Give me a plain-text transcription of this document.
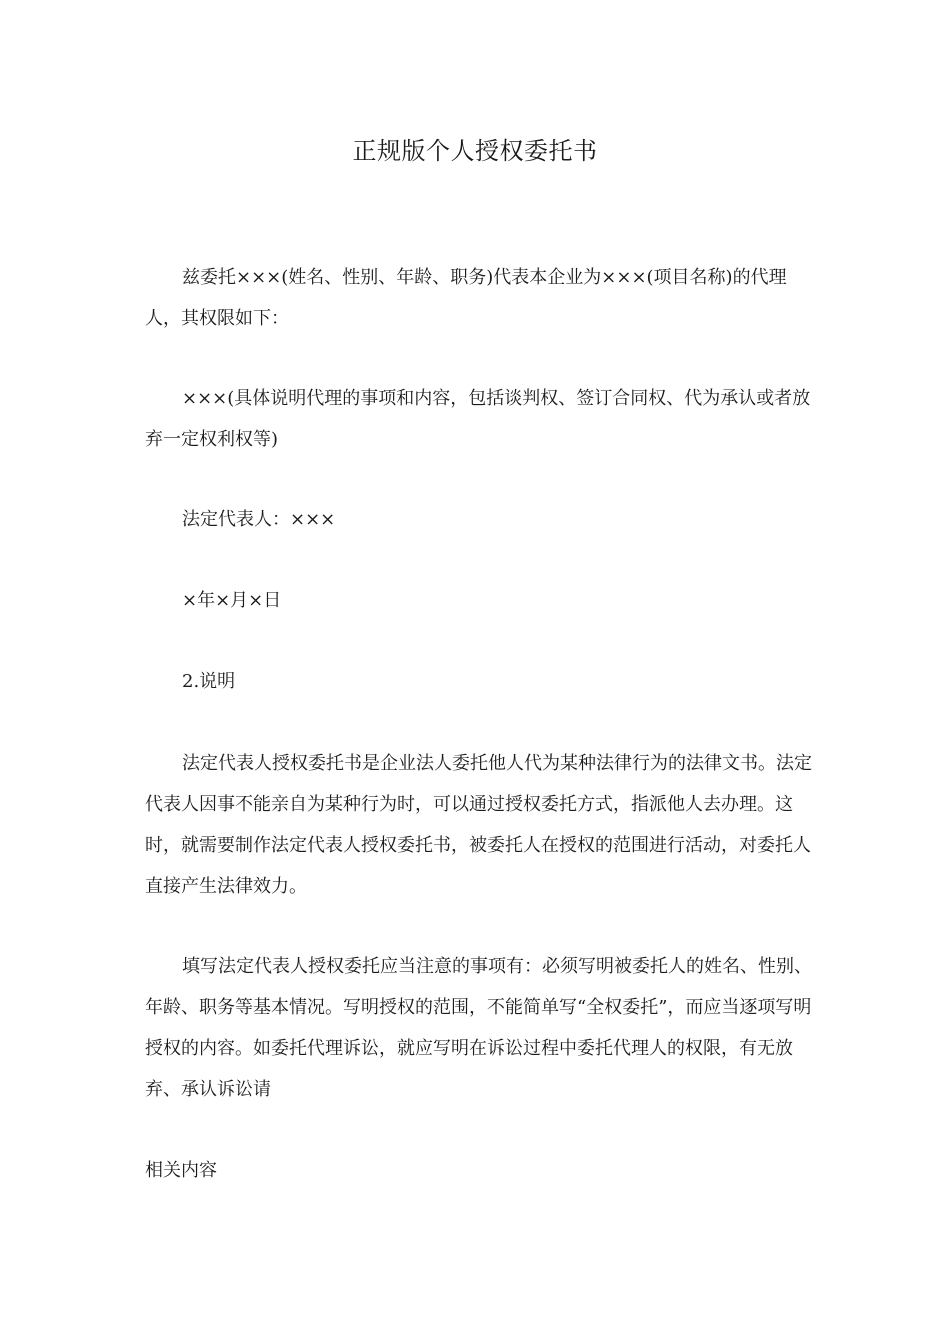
正规版个人授权委托书

兹委托×××(姓名、性别、年龄、职务)代表本企业为×××(项目名称)的代理人，其权限如下：

×××(具体说明代理的事项和内容，包括谈判权、签订合同权、代为承认或者放弃一定权利权等)

法定代表人：×××

×年×月×日

2.说明

法定代表人授权委托书是企业法人委托他人代为某种法律行为的法律文书。法定代表人因事不能亲自为某种行为时，可以通过授权委托方式，指派他人去办理。这时，就需要制作法定代表人授权委托书，被委托人在授权的范围进行活动，对委托人直接产生法律效力。

填写法定代表人授权委托应当注意的事项有：必须写明被委托人的姓名、性别、年龄、职务等基本情况。写明授权的范围，不能简单写“全权委托”，而应当逐项写明授权的内容。如委托代理诉讼，就应写明在诉讼过程中委托代理人的权限，有无放弃、承认诉讼请

相关内容
